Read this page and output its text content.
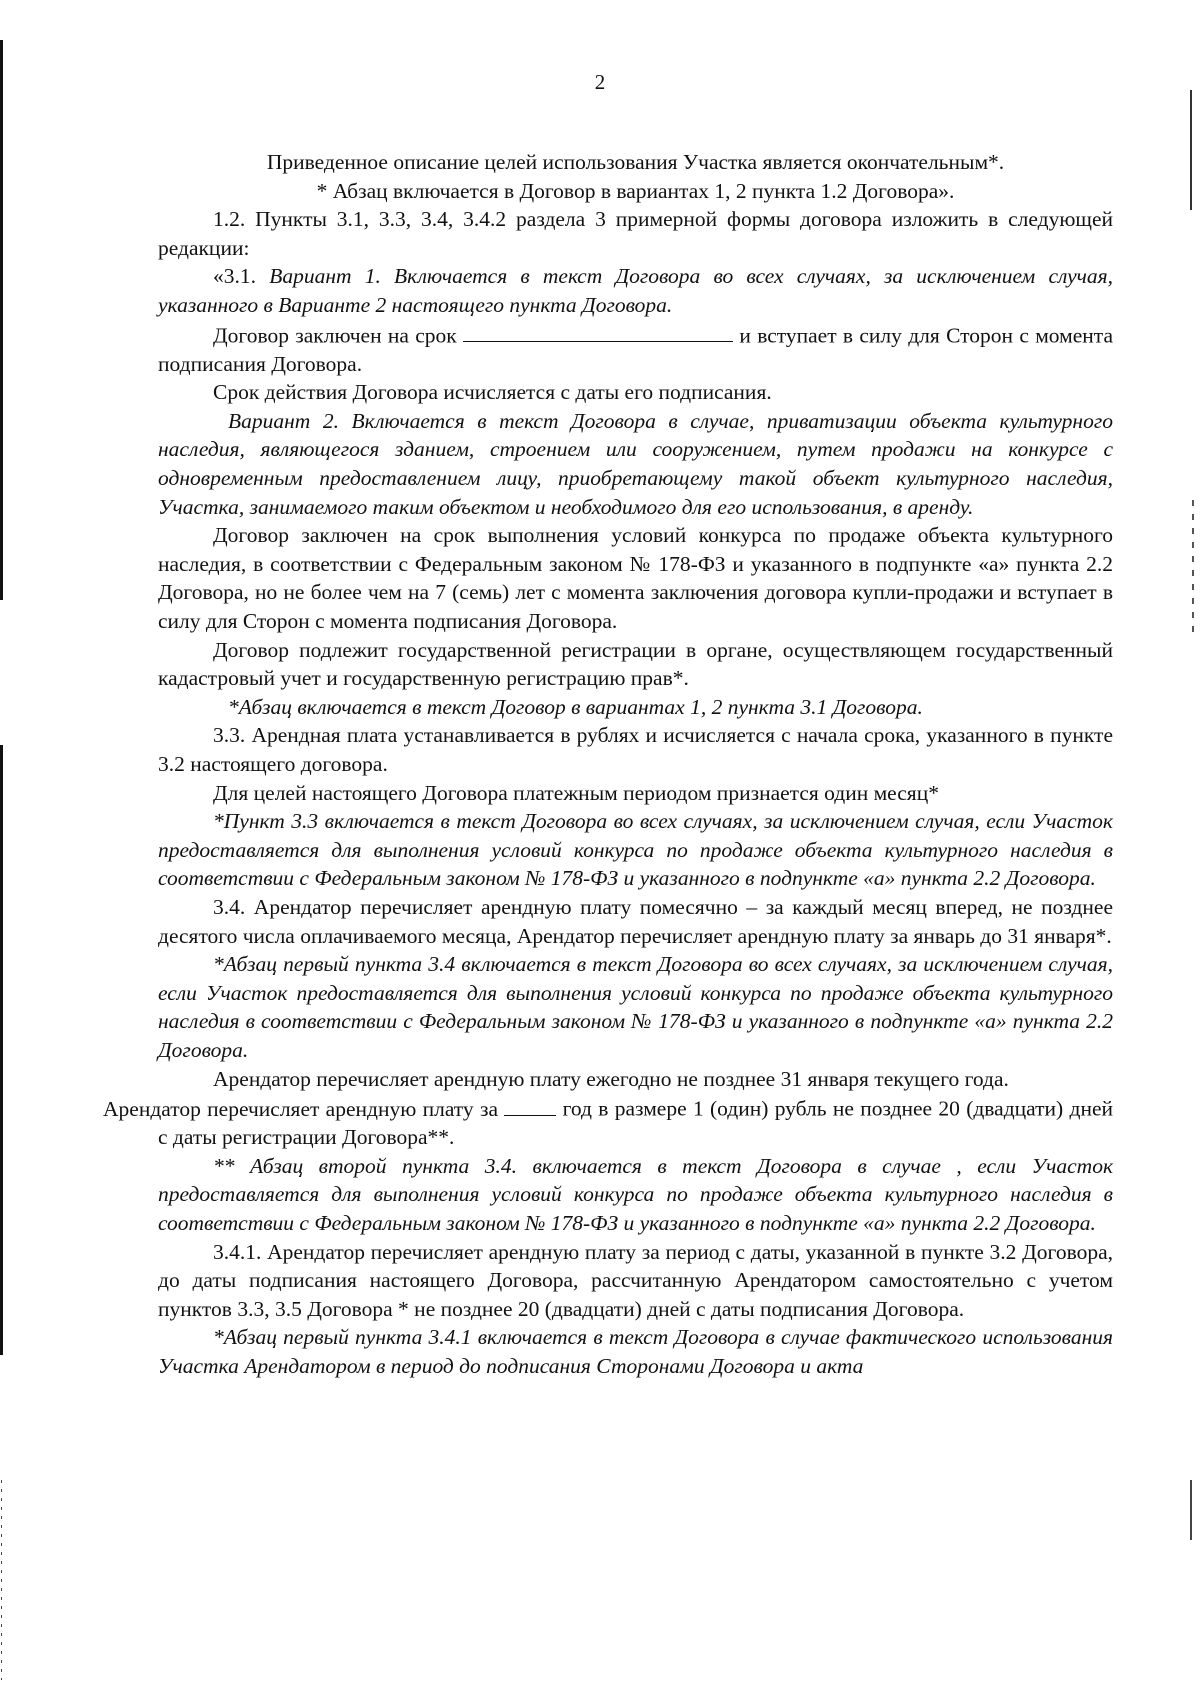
2

Приведенное описание целей использования Участка является окончательным*.

* Абзац включается в Договор в вариантах 1, 2 пункта 1.2 Договора».

1.2. Пункты 3.1, 3.3, 3.4, 3.4.2 раздела 3 примерной формы договора изложить в следующей редакции:

«3.1. Вариант 1. Включается в текст Договора во всех случаях, за исключением случая, указанного в Варианте 2 настоящего пункта Договора.

Договор заключен на срок	и вступает в силу для Сторон с момента подписания Договора.

Срок действия Договора исчисляется с даты его подписания.

Вариант 2. Включается в текст Договора в случае, приватизации объекта культурного наследия, являющегося зданием, строением или сооружением, путем продажи на конкурсе с одновременным предоставлением лицу, приобретающему такой объект культурного наследия, Участка, занимаемого таким объектом и необходимого для его использования, в аренду.

Договор заключен на срок выполнения условий конкурса по продаже объекта культурного наследия, в соответствии с Федеральным законом № 178-ФЗ и указанного в подпункте «а» пункта 2.2 Договора, но не более чем на 7 (семь) лет с момента заключения договора купли-продажи и вступает в силу для Сторон с момента подписания Договора.

Договор подлежит государственной регистрации в органе, осуществляющем государственный кадастровый учет и государственную регистрацию прав*.

*Абзац включается в текст Договор в вариантах 1, 2 пункта 3.1 Договора.

3.3. Арендная плата устанавливается в рублях и исчисляется с начала срока, указанного в пункте 3.2 настоящего договора.

Для целей настоящего Договора платежным периодом признается один месяц*

*Пункт 3.3 включается в текст Договора во всех случаях, за исключением случая, если Участок предоставляется для выполнения условий конкурса по продаже объекта культурного наследия в соответствии с Федеральным законом № 178-ФЗ и указанного в подпункте «а» пункта 2.2 Договора.

3.4. Арендатор перечисляет арендную плату помесячно – за каждый месяц вперед, не позднее десятого числа оплачиваемого месяца, Арендатор перечисляет арендную плату за январь до 31 января*.

*Абзац первый пункта 3.4 включается в текст Договора во всех случаях, за исключением случая, если Участок предоставляется для выполнения условий конкурса по продаже объекта культурного наследия в соответствии с Федеральным законом № 178-ФЗ и указанного в подпункте «а» пункта 2.2 Договора.

Арендатор перечисляет арендную плату ежегодно не позднее 31 января текущего года.
Арендатор перечисляет арендную плату за  год в размере 1 (один) рубль не позднее 20 (двадцати) дней с даты регистрации Договора**.

** Абзац второй пункта 3.4. включается в текст Договора в случае , если Участок предоставляется для выполнения условий конкурса по продаже объекта культурного наследия в соответствии с Федеральным законом № 178-ФЗ и указанного в подпункте «а» пункта 2.2 Договора.

3.4.1. Арендатор перечисляет арендную плату за период с даты, указанной в пункте 3.2 Договора, до даты подписания настоящего Договора, рассчитанную Арендатором самостоятельно с учетом пунктов 3.3, 3.5 Договора * не позднее 20 (двадцати) дней с даты подписания Договора.

*Абзац первый пункта 3.4.1 включается в текст Договора в случае фактического использования Участка Арендатором в период до подписания Сторонами Договора и акта
